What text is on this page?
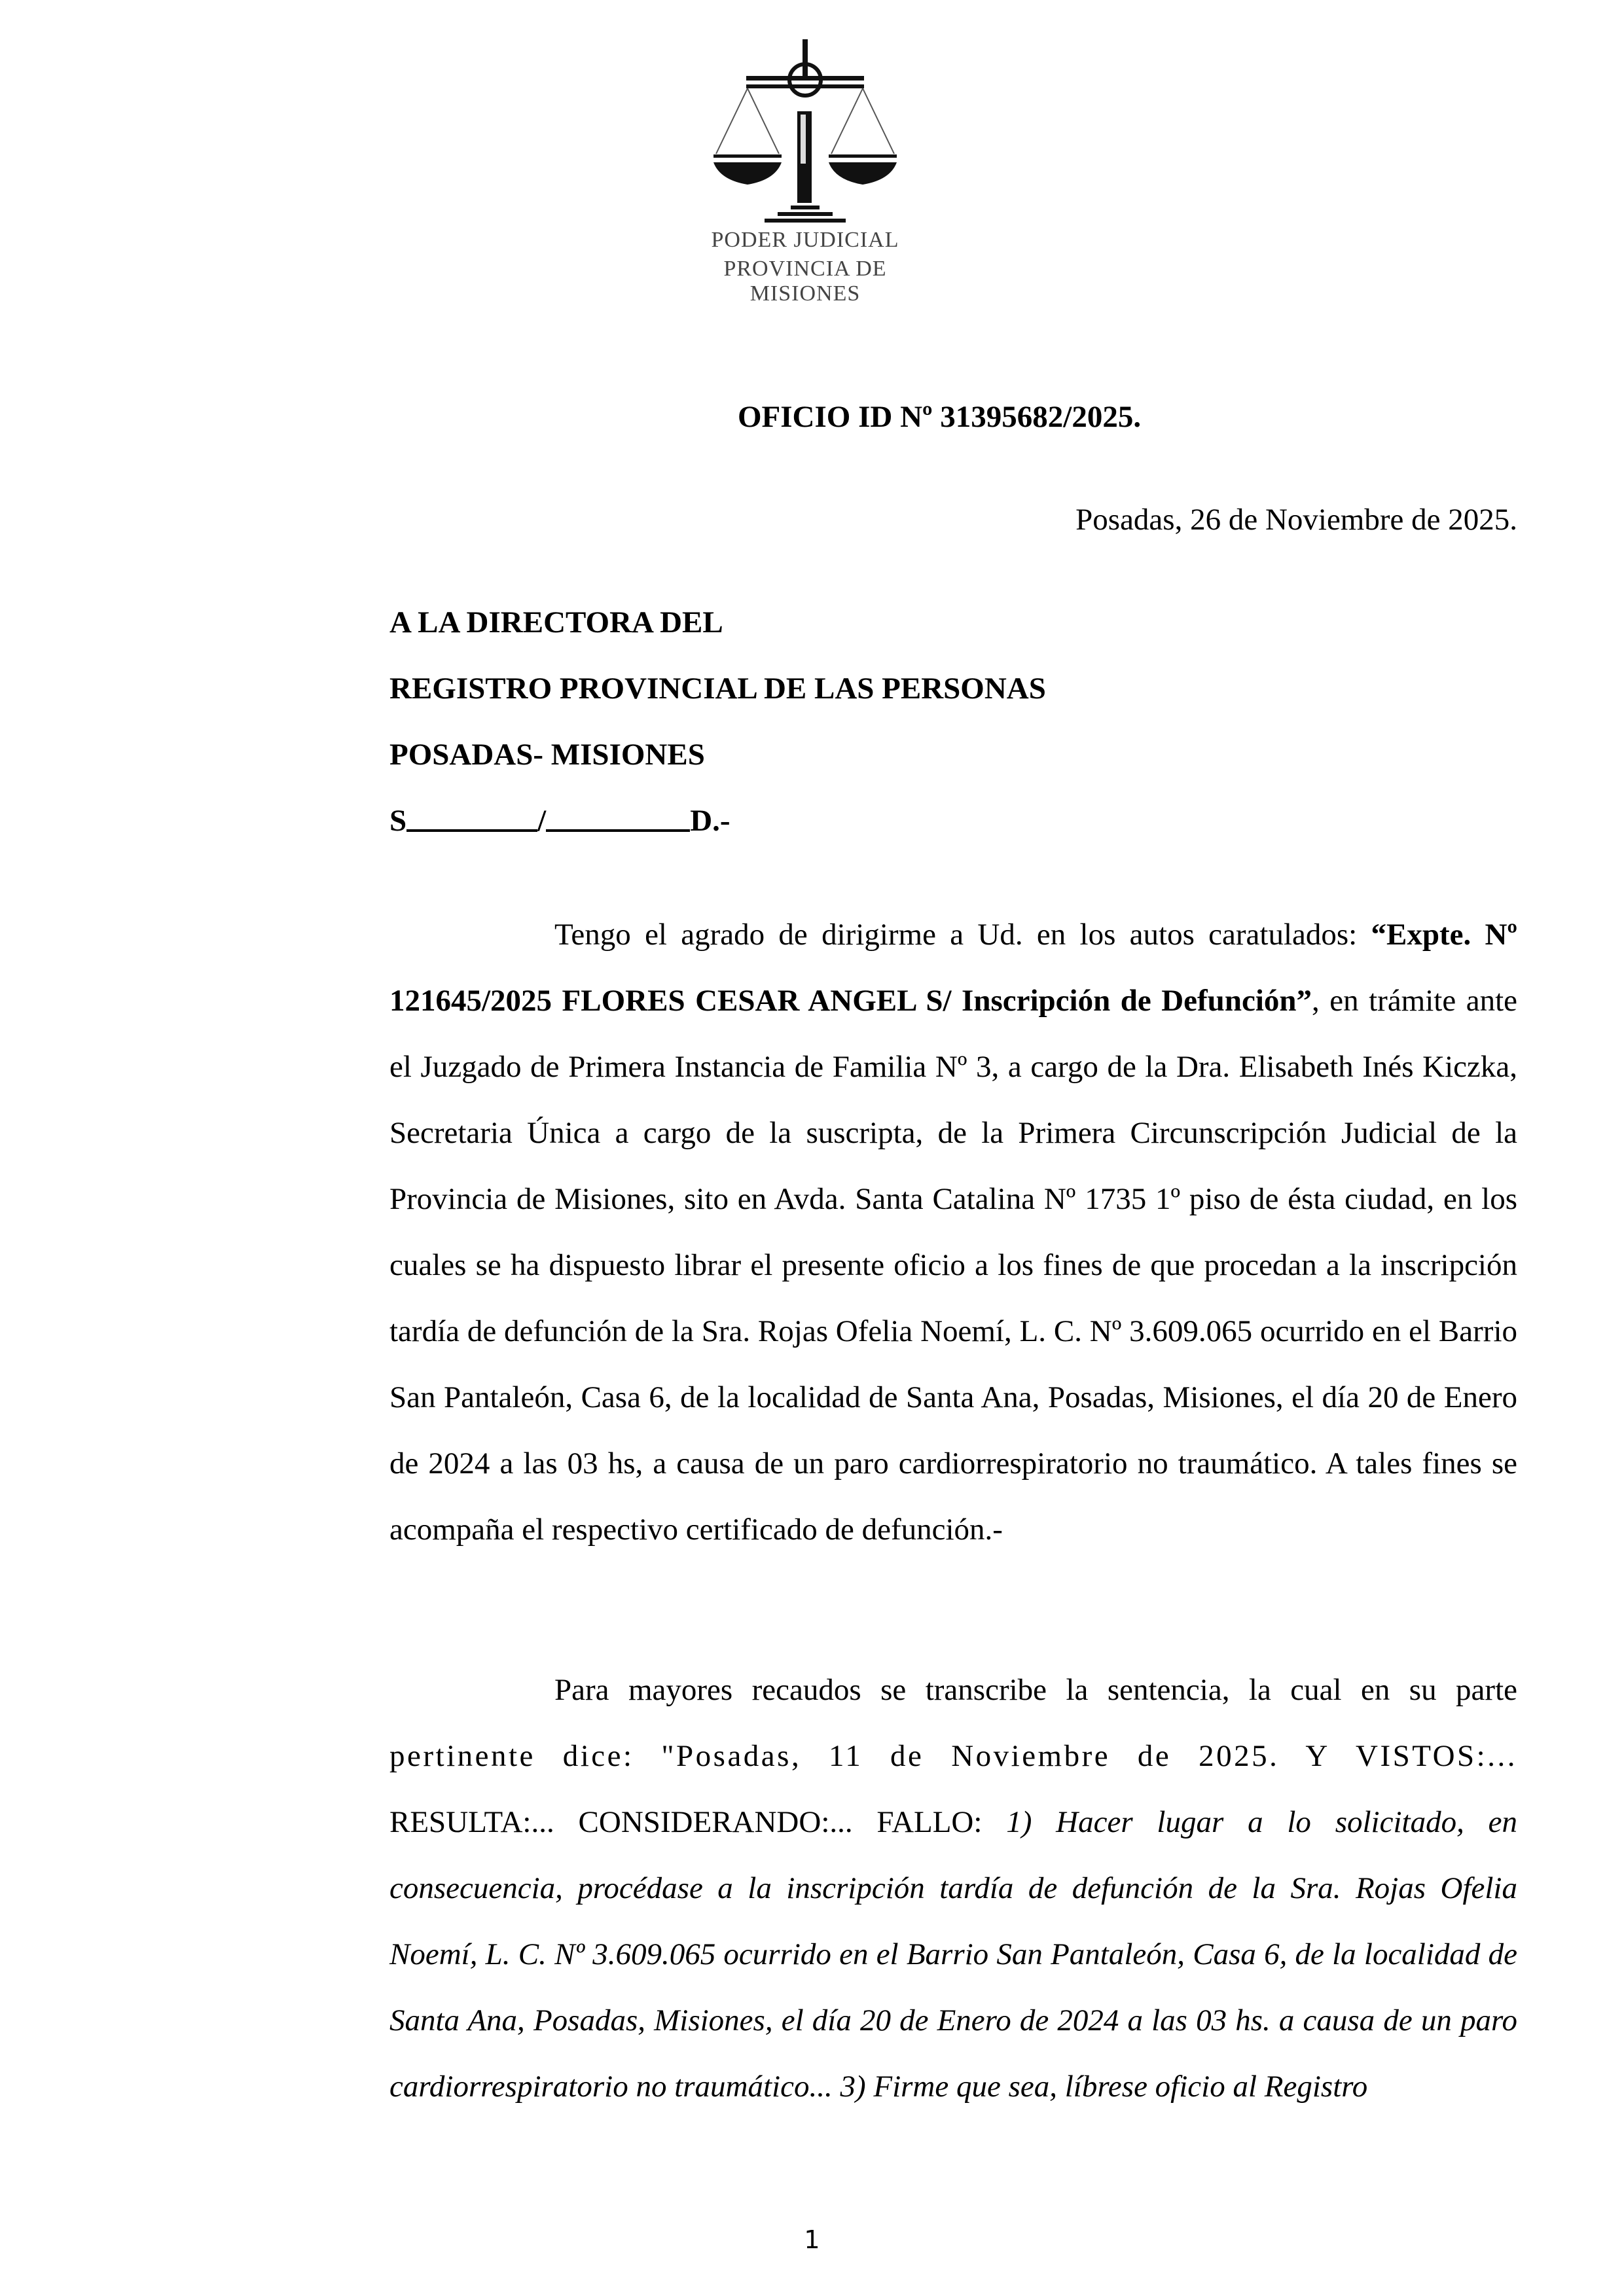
PODER JUDICIAL
PROVINCIA DE MISIONES
OFICIO ID Nº 31395682/2025.
Posadas, 26 de Noviembre de 2025.
A LA DIRECTORA DEL
REGISTRO PROVINCIAL DE LAS PERSONAS
POSADAS- MISIONES
S	/	D.-
Tengo el agrado de dirigirme a Ud. en los autos caratulados: “Expte. Nº 121645/2025 FLORES CESAR ANGEL S/ Inscripción de Defunción”, en trámite ante el Juzgado de Primera Instancia de Familia Nº 3, a cargo de la Dra. Elisabeth Inés Kiczka, Secretaria Única a cargo de la suscripta, de la Primera Circunscripción Judicial de la Provincia de Misiones, sito en Avda. Santa Catalina Nº 1735 1º piso de ésta ciudad, en los cuales se ha dispuesto librar el presente oficio a los fines de que procedan a la inscripción tardía de defunción de la Sra. Rojas Ofelia Noemí, L. C. Nº 3.609.065 ocurrido en el Barrio San Pantaleón, Casa 6, de la localidad de Santa Ana, Posadas, Misiones, el día 20 de Enero de 2024 a las 03 hs, a causa de un paro cardiorrespiratorio no traumático. A tales fines se acompaña el respectivo certificado de defunción.-
Para mayores recaudos se transcribe la sentencia, la cual en su parte pertinente dice: "Posadas, 11 de Noviembre de 2025. Y VISTOS:... RESULTA:... CONSIDERANDO:... FALLO: 1) Hacer lugar a lo solicitado, en consecuencia, procédase a la inscripción tardía de defunción de la Sra. Rojas Ofelia Noemí, L. C. Nº 3.609.065 ocurrido en el Barrio San Pantaleón, Casa 6, de la localidad de Santa Ana, Posadas, Misiones, el día 20 de Enero de 2024 a las 03 hs. a causa de un paro cardiorrespiratorio no traumático... 3) Firme que sea, líbrese oficio al Registro
1
